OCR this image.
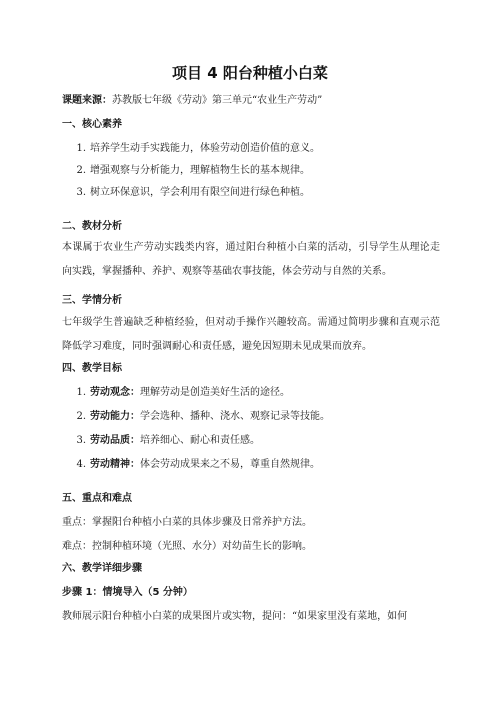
项目 4 阳台种植小白菜
课题来源：苏教版七年级《劳动》第三单元“农业生产劳动”
一、核心素养
1. 培养学生动手实践能力，体验劳动创造价值的意义。
2. 增强观察与分析能力，理解植物生长的基本规律。
3. 树立环保意识，学会利用有限空间进行绿色种植。
二、教材分析
本课属于农业生产劳动实践类内容，通过阳台种植小白菜的活动，引导学生从理论走向实践，掌握播种、养护、观察等基础农事技能，体会劳动与自然的关系。
三、学情分析
七年级学生普遍缺乏种植经验，但对动手操作兴趣较高。需通过简明步骤和直观示范降低学习难度，同时强调耐心和责任感，避免因短期未见成果而放弃。
四、教学目标
1. 劳动观念：理解劳动是创造美好生活的途径。
2. 劳动能力：学会选种、播种、浇水、观察记录等技能。
3. 劳动品质：培养细心、耐心和责任感。
4. 劳动精神：体会劳动成果来之不易，尊重自然规律。
五、重点和难点
重点：掌握阳台种植小白菜的具体步骤及日常养护方法。
难点：控制种植环境（光照、水分）对幼苗生长的影响。
六、教学详细步骤
步骤 1：情境导入（5 分钟）
教师展示阳台种植小白菜的成果图片或实物，提问：“如果家里没有菜地，如何
